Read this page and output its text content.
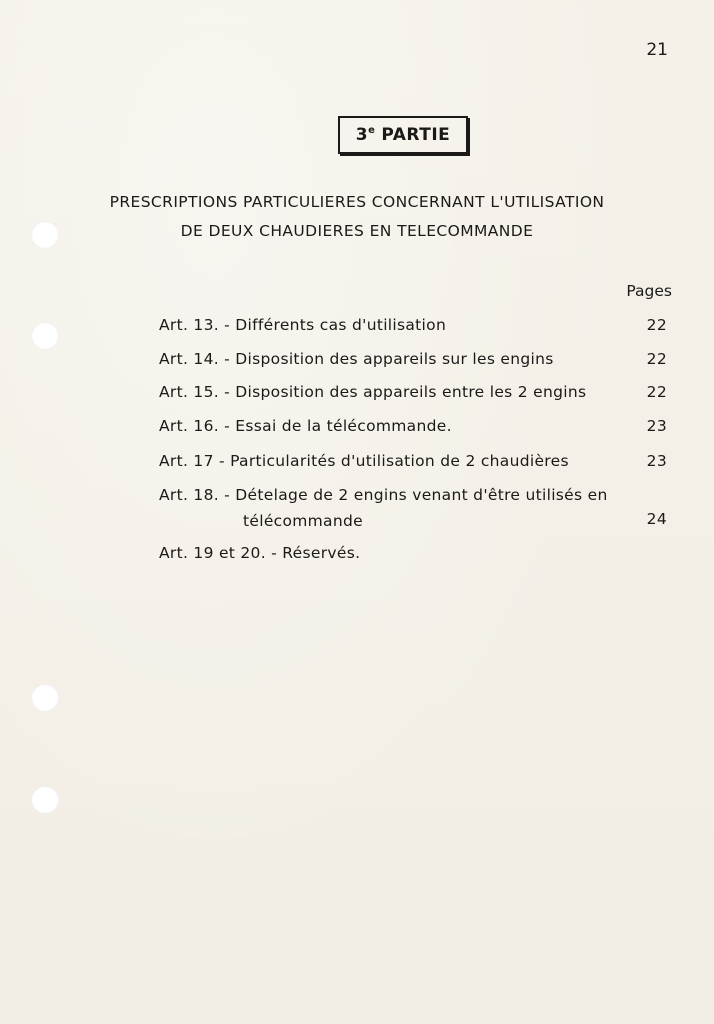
21
3e PARTIE
PRESCRIPTIONS PARTICULIERES CONCERNANT L'UTILISATION
DE DEUX CHAUDIERES EN TELECOMMANDE
Pages
Art. 13. - Différents cas d'utilisation	22
Art. 14. - Disposition des appareils sur les engins	22
Art. 15. - Disposition des appareils entre les 2 engins	22
Art. 16. - Essai de la télécommande.	23
Art. 17 - Particularités d'utilisation de 2 chaudières	23
Art. 18. - Dételage de 2 engins venant d'être utilisés en
télécommande	24
Art. 19 et 20. - Réservés.
